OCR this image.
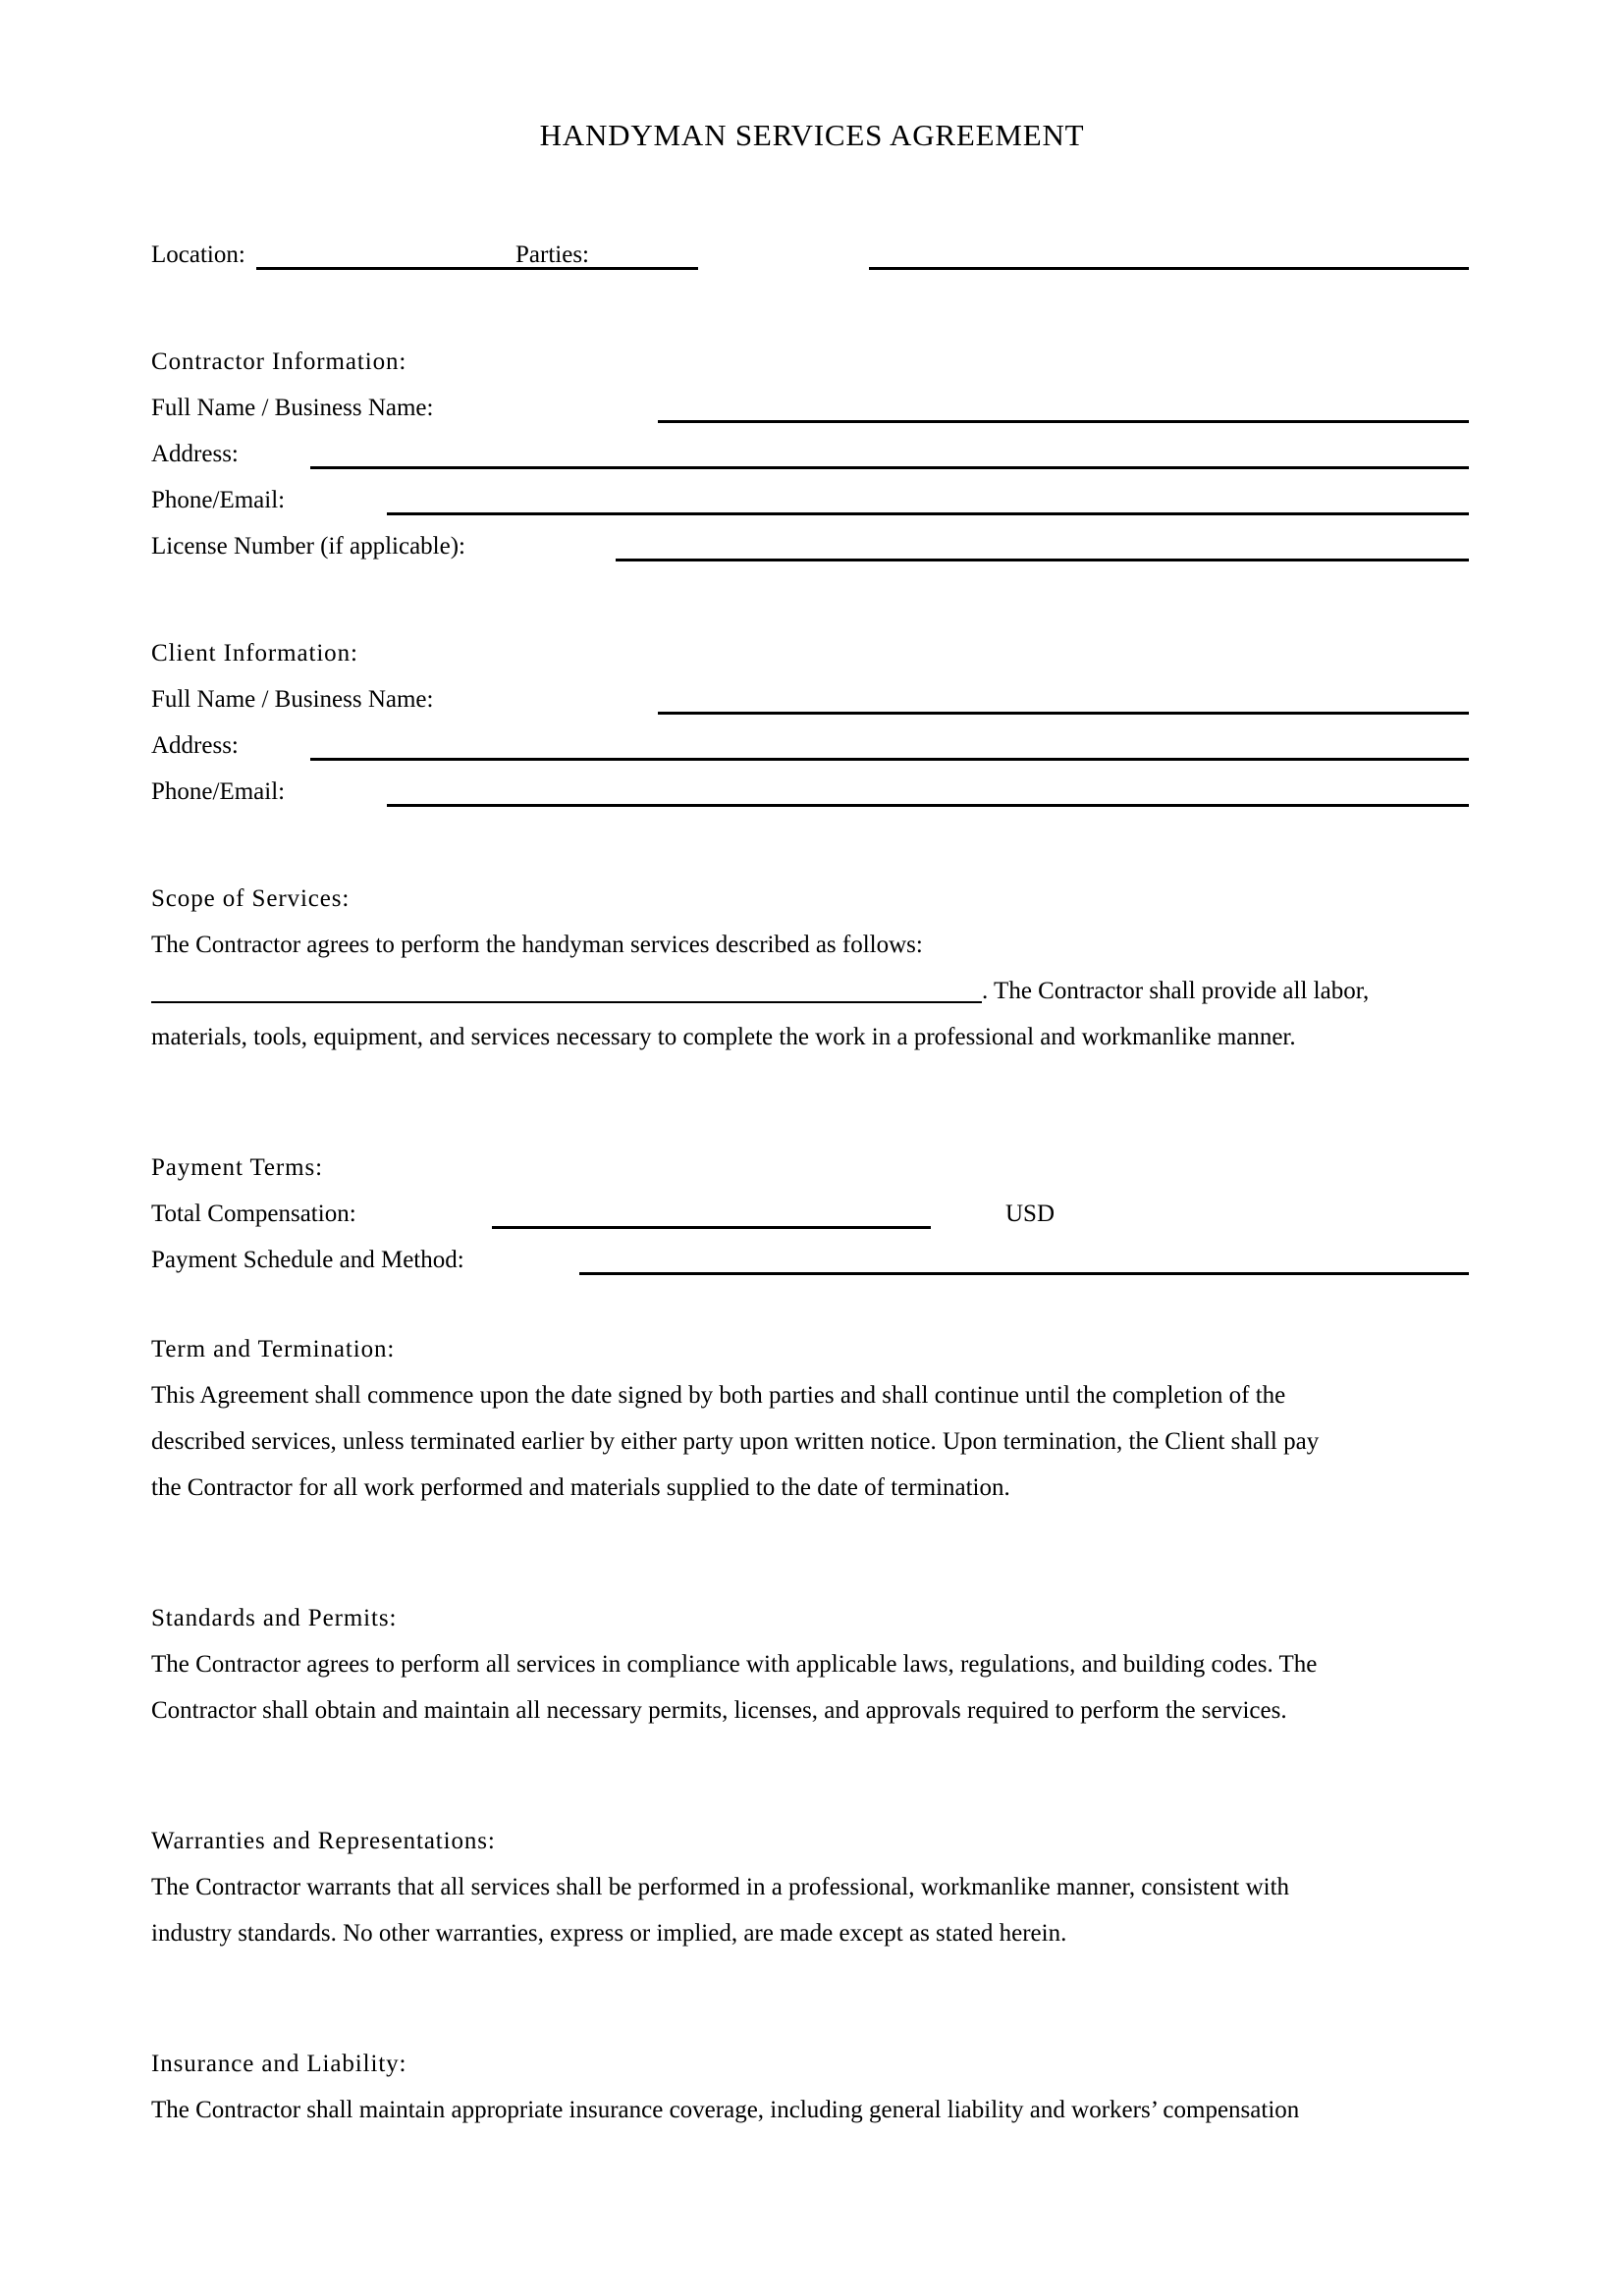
HANDYMAN SERVICES AGREEMENT
Location:	Parties:
Contractor Information:
Full Name / Business Name:
Address:
Phone/Email:
License Number (if applicable):
Client Information:
Full Name / Business Name:
Address:
Phone/Email:
Scope of Services:
The Contractor agrees to perform the handyman services described as follows:
. The Contractor shall provide all labor,
materials, tools, equipment, and services necessary to complete the work in a professional and workmanlike manner.
Payment Terms:
Total Compensation:	USD
Payment Schedule and Method:
Term and Termination:
This Agreement shall commence upon the date signed by both parties and shall continue until the completion of the
described services, unless terminated earlier by either party upon written notice. Upon termination, the Client shall pay
the Contractor for all work performed and materials supplied to the date of termination.
Standards and Permits:
The Contractor agrees to perform all services in compliance with applicable laws, regulations, and building codes. The
Contractor shall obtain and maintain all necessary permits, licenses, and approvals required to perform the services.
Warranties and Representations:
The Contractor warrants that all services shall be performed in a professional, workmanlike manner, consistent with
industry standards. No other warranties, express or implied, are made except as stated herein.
Insurance and Liability:
The Contractor shall maintain appropriate insurance coverage, including general liability and workers’ compensation
